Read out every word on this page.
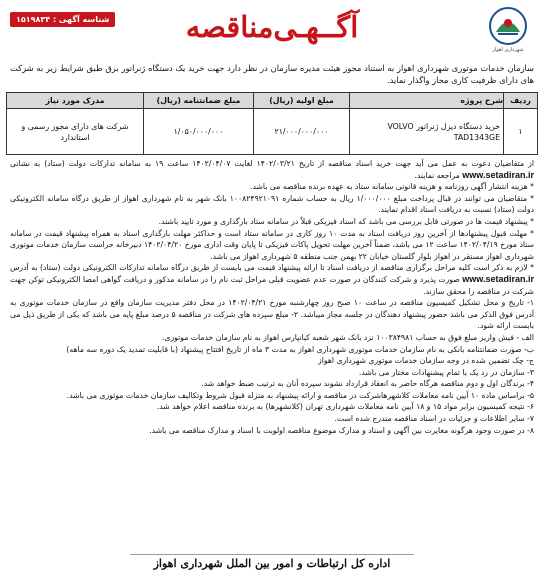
شهرداری اهواز
آگــهـی‌مناقصه
شناسه آگهی : ۱۵۱۹۸۳۴
سازمان خدمات موتوری شهرداری اهواز به استناد مجوز هیئت مدیره سازمان در نظر دارد جهت خرید یک دستگاه ژنراتور برق طبق شرایط زیر به شرکت های دارای ظرفیت کاری مجاز واگذار نماید.
ردیف	شرح پروژه	مبلغ اولیه (ریال)	مبلغ ضمانتنامه (ریال)	مدرک مورد نیاز
۱	خرید دستگاه دیزل ژنراتور VOLVO TAD1343GE	۲۱/۰۰۰/۰۰۰/۰۰۰	۱/۰۵۰/۰۰۰/۰۰۰	شرکت های دارای مجوز رسمی و استاندارد

از متقاضیان دعوت به عمل می آید جهت خرید اسناد مناقصه از تاریخ ۱۴۰۲/۰۳/۲۱ لغایت ۱۴۰۲/۰۴/۰۷ ساعت ۱۹ به سامانه تدارکات دولت (ستاد) به نشانی www.setadiran.ir مراجعه نمایند.

* هزینه انتشار آگهی روزنامه و هزینه قانونی سامانه ستاد به عهده برنده مناقصه می باشد.

* متقاضیان می توانند در قبال پرداخت مبلغ ۱/۰۰۰/۰۰۰ ریال به حساب شماره ۱۰۰۸۲۴۹۲۱۰۹۱ بانک شهر به نام شهرداری اهواز از طریق درگاه سامانه الکترونیکی دولت (ستاد) نسبت به دریافت اسناد اقدام نمایند.

* پیشنهاد قیمت ها در صورتی قابل بررسی می باشد که اسناد فیزیکی قبلاً در سامانه ستاد بارگذاری و مورد تایید باشند.

* مهلت قبول پیشنهادها از آخرین روز دریافت اسناد به مدت ۱۰ روز کاری در سامانه ستاد است و حداکثر مهلت بارگذاری اسناد به همراه پیشنهاد قیمت در سامانه ستاد مورخ ۱۴۰۲/۰۴/۱۹ ساعت ۱۲ می باشد، ضمناً آخرین مهلت تحویل پاکات فیزیکی تا پایان وقت اداری مورخ ۱۴۰۲/۰۴/۲۰ دبیرخانه حراست سازمان خدمات موتوری شهرداری اهواز مستقر در اهواز بلوار گلستان خیابان ۲۲ بهمن جنب منطقه ۵ شهرداری اهواز می باشد.

* لازم به ذکر است کلیه مراحل برگزاری مناقصه از دریافت اسناد تا ارائه پیشنهاد قیمت می بایست از طریق درگاه سامانه تدارکات الکترونیکی دولت (ستاد) به آدرس www.setadiran.ir صورت پذیرد و شرکت کنندگان در صورت عدم عضویت قبلی مراحل ثبت نام را در سامانه مذکور و دریافت گواهی امضا الکترونیکی توکن جهت شرکت در مناقصه را محقق سازند.

۱- تاریخ و محل تشکیل کمیسیون مناقصه در ساعت ۱۰ صبح روز چهارشنبه مورخ ۱۴۰۲/۰۴/۲۱ در محل دفتر مدیریت سازمان واقع در سازمان خدمات موتوری به آدرس فوق الذکر می باشد حضور پیشنهاد دهندگان در جلسه مجاز میباشد. ۲- مبلغ سپرده های شرکت در مناقصه ۵ درصد مبلغ پایه می باشد که یکی از طریق ذیل می بایست ارائه شود.

الف - فیش واریز مبلغ فوق به حساب ۱۰۰۳۸۴۹۸۱ نزد بانک شهر شعبه کیانپارس اهواز به نام سازمان خدمات موتوری.

ب- صورت ضمانتنامه بانکی به نام سازمان خدمات موتوری شهرداری اهواز به مدت ۳ ماه از تاریخ افتتاح پیشنهاد (با قابلیت تمدید یک دوره سه ماهه)

ج- چک تضمین شده در وجه سازمان خدمات موتوری شهرداری اهواز

۳- سازمان در رد یک یا تمام پیشنهادات مختار می باشد.

۴- برندگان اول و دوم مناقصه هرگاه حاضر به انعقاد قرارداد نشوند سپرده آنان به ترتیب ضبط خواهد شد.

۵- براساس ماده ۱۰ آیین نامه معاملات کلاشهرهاشرکت در مناقصه و ارائه پیشنهاد به منزله قبول شروط وتکالیف سازمان خدمات موتوری می باشد.

۶- نتیجه کمیسیون برابر مواد ۱۵ و ۱۸ آیین نامه معاملات شهرداری تهران (کلانشهرها) به برنده مناقصه اعلام خواهد شد.

۷- سایر اطلاعات و جزئیات در اسناد مناقصه مندرج شده است.

۸- در صورت وجود هرگونه مغایرت بین آگهی و اسناد و مدارک موضوع مناقصه اولویت با اسناد و مدارک مناقصه می باشد.

اداره کل ارتباطات و امور بین الملل شهرداری اهواز
